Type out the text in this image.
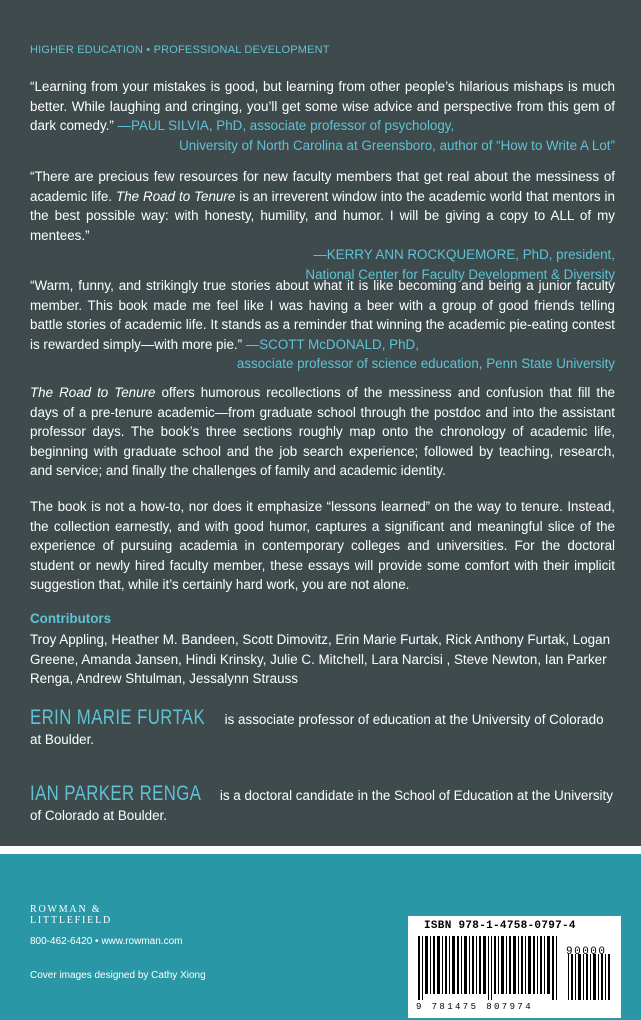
HIGHER EDUCATION • PROFESSIONAL DEVELOPMENT
“Learning from your mistakes is good, but learning from other people’s hilarious mishaps is much better. While laughing and cringing, you’ll get some wise advice and perspective from this gem of dark comedy.” —PAUL SILVIA, PhD, associate professor of psychology,
University of North Carolina at Greensboro, author of “How to Write A Lot”
“There are precious few resources for new faculty members that get real about the messiness of academic life. The Road to Tenure is an irreverent window into the academic world that mentors in the best possible way: with honesty, humility, and humor. I will be giving a copy to ALL of my mentees.”
—KERRY ANN ROCKQUEMORE, PhD, president,
National Center for Faculty Development & Diversity
“Warm, funny, and strikingly true stories about what it is like becoming and being a junior faculty member. This book made me feel like I was having a beer with a group of good friends telling battle stories of academic life. It stands as a reminder that winning the academic pie-eating contest is rewarded simply—with more pie.” —SCOTT McDONALD, PhD,
associate professor of science education, Penn State University
The Road to Tenure offers humorous recollections of the messiness and confusion that fill the days of a pre-tenure academic—from graduate school through the postdoc and into the assistant professor days. The book’s three sections roughly map onto the chronology of academic life, beginning with graduate school and the job search experience; followed by teaching, research, and service; and finally the challenges of family and academic identity.
The book is not a how-to, nor does it emphasize “lessons learned” on the way to tenure. Instead, the collection earnestly, and with good humor, captures a significant and meaningful slice of the experience of pursuing academia in contemporary colleges and universities. For the doctoral student or newly hired faculty member, these essays will provide some comfort with their implicit suggestion that, while it’s certainly hard work, you are not alone.
Contributors
Troy Appling, Heather M. Bandeen, Scott Dimovitz, Erin Marie Furtak, Rick Anthony Furtak, Logan Greene, Amanda Jansen, Hindi Krinsky, Julie C. Mitchell, Lara Narcisi , Steve Newton, Ian Parker Renga, Andrew Shtulman, Jessalynn Strauss
ERIN MARIE FURTAK is associate professor of education at the University of Colorado at Boulder.
IAN PARKER RENGA is a doctoral candidate in the School of Education at the University of Colorado at Boulder.
ROWMAN &
LITTLEFIELD
800-462-6420 • www.rowman.com
Cover images designed by Cathy Xiong
ISBN 978-1-4758-0797-4
90000
9 781475 807974
